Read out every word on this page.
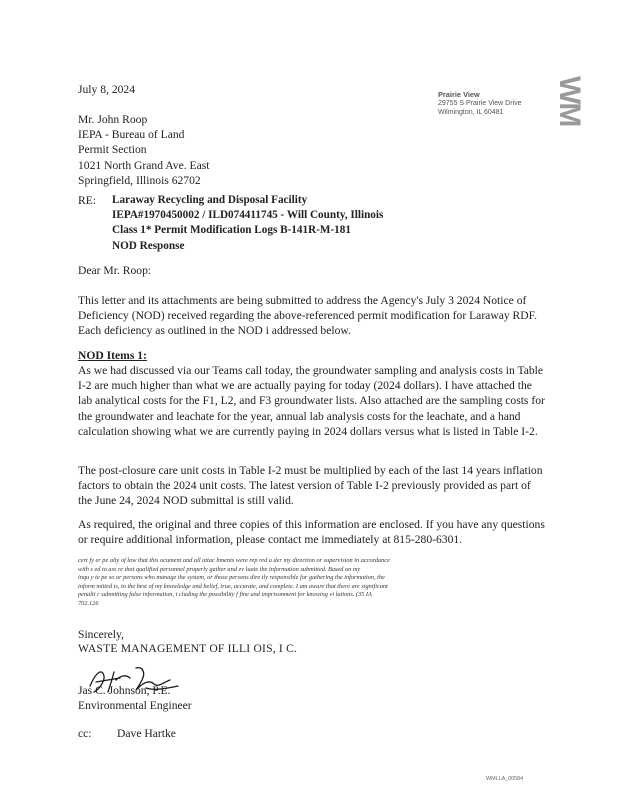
Prairie View
29755 S Prairie View Drive
Wilmington, IL 60481	WM
July 8, 2024
Mr. John Roop
IEPA - Bureau of Land
Permit Section
1021 North Grand Ave. East
Springfield, Illinois 62702
RE: Laraway Recycling and Disposal Facility
IEPA#1970450002 / ILD074411745 - Will County, Illinois
Class 1* Permit Modification Logs B-141R-M-181
NOD Response
Dear Mr. Roop:
This letter and its attachments are being submitted to address the Agency's July 3 2024 Notice of Deficiency (NOD) received regarding the above-referenced permit modification for Laraway RDF. Each deficiency as outlined in the NOD i addressed below.
NOD Items 1:
As we had discussed via our Teams call today, the groundwater sampling and analysis costs in Table I-2 are much higher than what we are actually paying for today (2024 dollars). I have attached the lab analytical costs for the F1, L2, and F3 groundwater lists. Also attached are the sampling costs for the groundwater and leachate for the year, annual lab analysis costs for the leachate, and a hand calculation showing what we are currently paying in 2024 dollars versus what is listed in Table I-2.
The post-closure care unit costs in Table I-2 must be multiplied by each of the last 14 years inflation factors to obtain the 2024 unit costs. The latest version of Table I-2 previously provided as part of the June 24, 2024 NOD submittal is still valid.
As required, the original and three copies of this information are enclosed. If you have any questions or require additional information, please contact me immediately at 815-280-6301.
cert fy er pe alty of law that this ocument and all attac hments were rep red u der my direction or supervision in accordance
with s ed to ass re that qualified personnel properly gather and ev luate the information submitted. Based on my
inqu y te pe so or persons who manage the system, or those persons dire tly responsible for gathering the information, the
inform mitted is, to the best of my knowledge and belief, true, accurate, and complete. I am aware that there are significant
penalti r submitting false information, i cluding the possibility f fine and imprisonment for knowing vi lations. (35 IA
702.126
Sincerely,
WASTE MANAGEMENT OF ILLI OIS, I C.
Jas C. Johnson, P.E.
Environmental Engineer
cc: Dave Hartke
WMLLA_00584
